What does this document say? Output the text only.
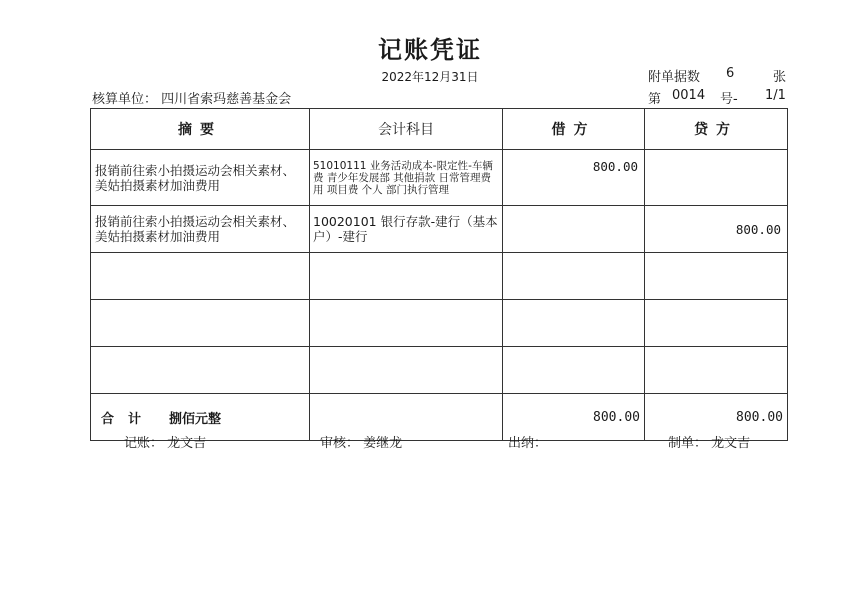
记账凭证
2022年12月31日	附单据数 6	张
核算单位： 四川省索玛慈善基金会	第 0014 号- 1/1
摘要	会计科目	借方	贷方
报销前往索小拍摄运动会相关素材、美姑拍摄素材加油费用	51010111 业务活动成本-限定性-车辆费 青少年发展部 其他捐款 日常管理费用 项目费 个人 部门执行管理	800.00	
报销前往索小拍摄运动会相关素材、美姑拍摄素材加油费用	10020101 银行存款-建行（基本户）-建行		800.00

合计 捌佰元整		800.00	800.00
记账： 龙文吉	审核： 姜继龙	出纳：	制单： 龙文吉
